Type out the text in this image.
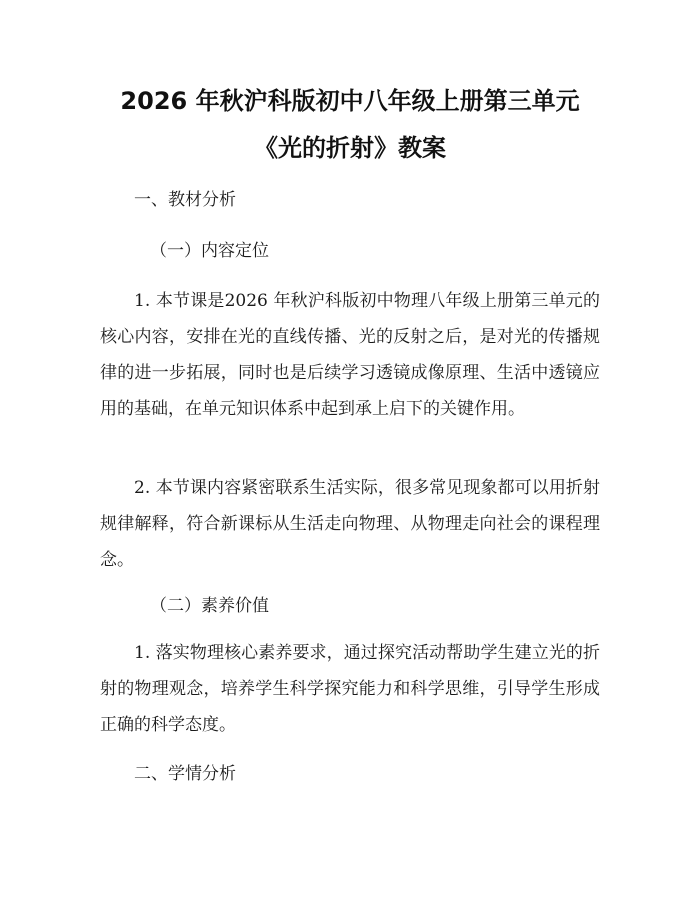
2026 年秋沪科版初中八年级上册第三单元
《光的折射》教案
一、教材分析
（一）内容定位

1. 本节课是2026 年秋沪科版初中物理八年级上册第三单元的核心内容，安排在光的直线传播、光的反射之后，是对光的传播规律的进一步拓展，同时也是后续学习透镜成像原理、生活中透镜应用的基础，在单元知识体系中起到承上启下的关键作用。

2. 本节课内容紧密联系生活实际，很多常见现象都可以用折射规律解释，符合新课标从生活走向物理、从物理走向社会的课程理念。

（二）素养价值

1. 落实物理核心素养要求，通过探究活动帮助学生建立光的折射的物理观念，培养学生科学探究能力和科学思维，引导学生形成正确的科学态度。

二、学情分析
